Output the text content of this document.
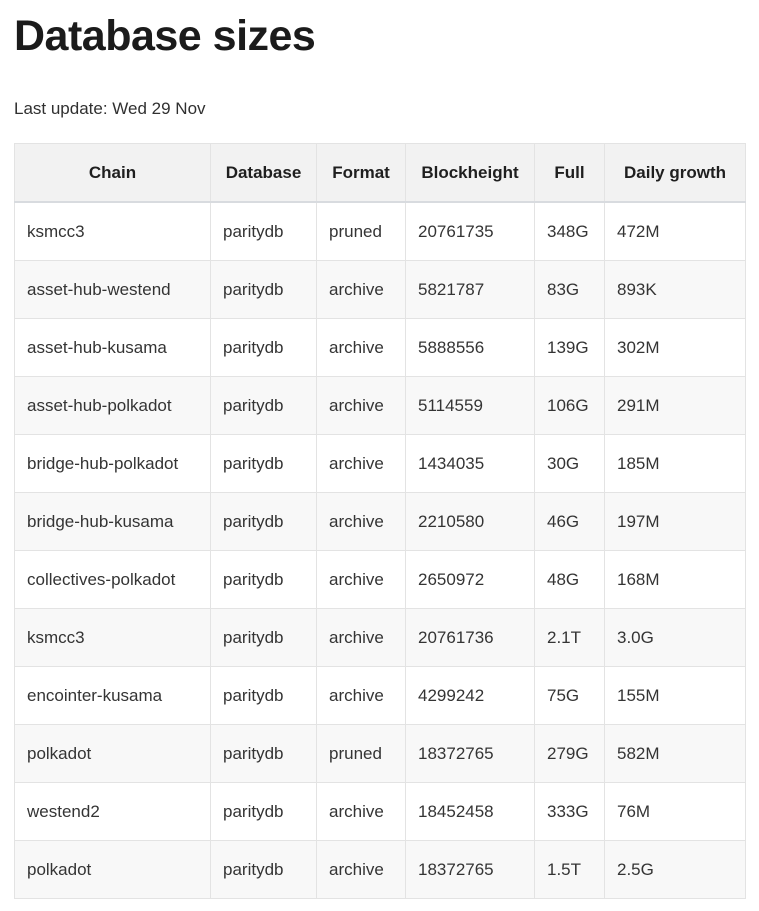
Database sizes

Last update: Wed 29 Nov

Chain	Database	Format	Blockheight	Full	Daily growth
ksmcc3	paritydb	pruned	20761735	348G	472M
asset-hub-westend	paritydb	archive	5821787	83G	893K
asset-hub-kusama	paritydb	archive	5888556	139G	302M
asset-hub-polkadot	paritydb	archive	5114559	106G	291M
bridge-hub-polkadot	paritydb	archive	1434035	30G	185M
bridge-hub-kusama	paritydb	archive	2210580	46G	197M
collectives-polkadot	paritydb	archive	2650972	48G	168M
ksmcc3	paritydb	archive	20761736	2.1T	3.0G
encointer-kusama	paritydb	archive	4299242	75G	155M
polkadot	paritydb	pruned	18372765	279G	582M
westend2	paritydb	archive	18452458	333G	76M
polkadot	paritydb	archive	18372765	1.5T	2.5G
